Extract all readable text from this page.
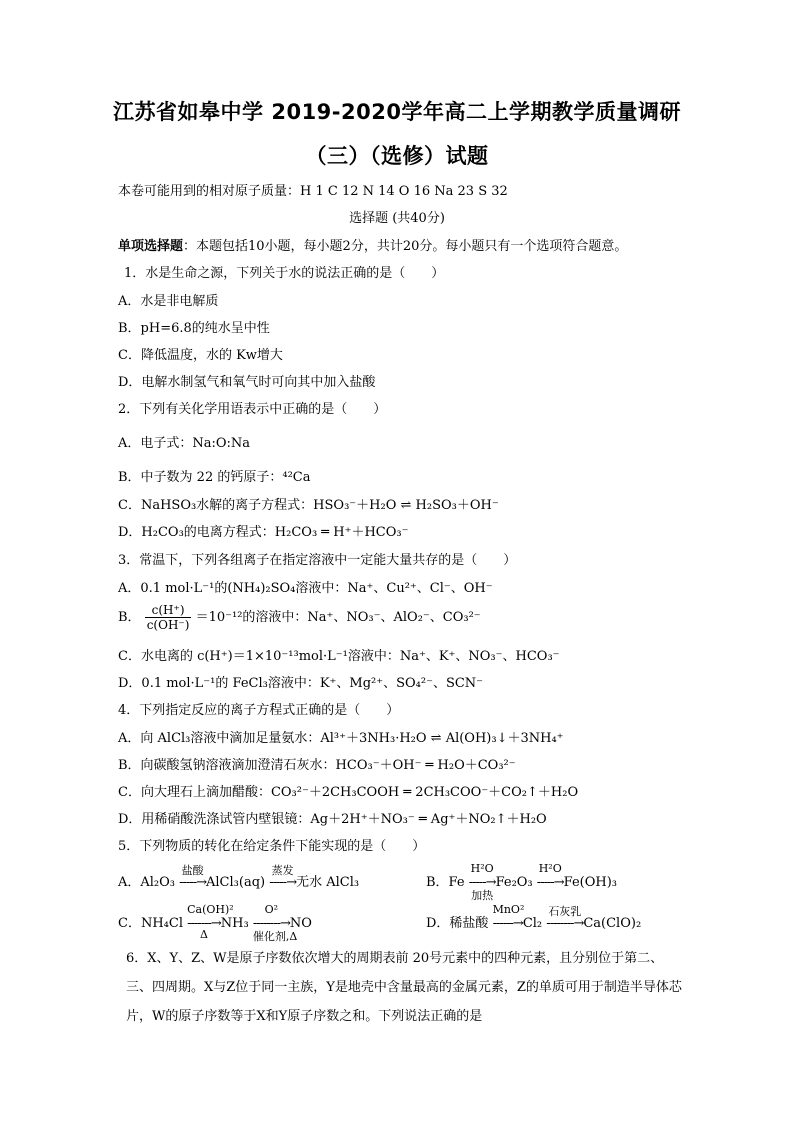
江苏省如皋中学 2019-2020学年高二上学期教学质量调研
（三）（选修）试题
本卷可能用到的相对原子质量：H 1 C 12 N 14 O 16 Na 23 S 32
选择题 (共40分)
单项选择题：本题包括10小题，每小题2分，共计20分。每小题只有一个选项符合题意。
1．水是生命之源，下列关于水的说法正确的是（　　）
A．水是非电解质
B．pH=6.8的纯水呈中性
C．降低温度，水的 Kw增大
D．电解水制氢气和氧气时可向其中加入盐酸
2．下列有关化学用语表示中正确的是（　　）
A．电子式：Na:O:Na
B．中子数为 22 的钙原子：⁴²Ca
C．NaHSO₃水解的离子方程式：HSO₃⁻＋H₂O ⇌ H₂SO₃＋OH⁻
D．H₂CO₃的电离方程式：H₂CO₃ ═ H⁺＋HCO₃⁻
3．常温下，下列各组离子在指定溶液中一定能大量共存的是（　　）
A．0.1 mol·L⁻¹的(NH₄)₂SO₄溶液中：Na⁺、Cu²⁺、Cl⁻、OH⁻
B． $\frac{c(H^+)}{c(OH^-)} =10^{-12}$的溶液中：Na⁺、NO₃⁻、AlO₂⁻、CO₃²⁻
C．水电离的 c(H⁺)＝1×10⁻¹³mol·L⁻¹溶液中：Na⁺、K⁺、NO₃⁻、HCO₃⁻
D．0.1 mol·L⁻¹的 FeCl₃溶液中：K⁺、Mg²⁺、SO₄²⁻、SCN⁻
4．下列指定反应的离子方程式正确的是（　　）
A．向 AlCl₃溶液中滴加足量氨水：Al³⁺＋3NH₃·H₂O ⇌ Al(OH)₃↓＋3NH₄⁺
B．向碳酸氢钠溶液滴加澄清石灰水：HCO₃⁻＋OH⁻ ═ H₂O＋CO₃²⁻
C．向大理石上滴加醋酸：CO₃²⁻＋2CH₃COOH ═ 2CH₃COO⁻＋CO₂↑＋H₂O
D．用稀硝酸洗涤试管内壁银镜：Ag＋2H⁺＋NO₃⁻ ═ Ag⁺＋NO₂↑＋H₂O
5．下列物质的转化在给定条件下能实现的是（　　）
A．Al₂O₃
盐酸
-----→AlCl₃(aq)
蒸发
-----→无水 AlCl₃	B．Fe
H²O
加热
-----→Fe₂O₃
H²O
-----→Fe(OH)₃
C．NH₄Cl
Ca(OH)²
Δ
-------→NH₃
O²
催化剂,Δ
--------→NO	D．稀盐酸
MnO²
------→Cl₂
石灰乳
--------→Ca(ClO)₂
6．X、Y、Z、W是原子序数依次增大的周期表前 20号元素中的四种元素，且分别位于第二、三、四周期。X与Z位于同一主族，Y是地壳中含量最高的金属元素，Z的单质可用于制造半导体芯片，W的原子序数等于X和Y原子序数之和。下列说法正确的是
